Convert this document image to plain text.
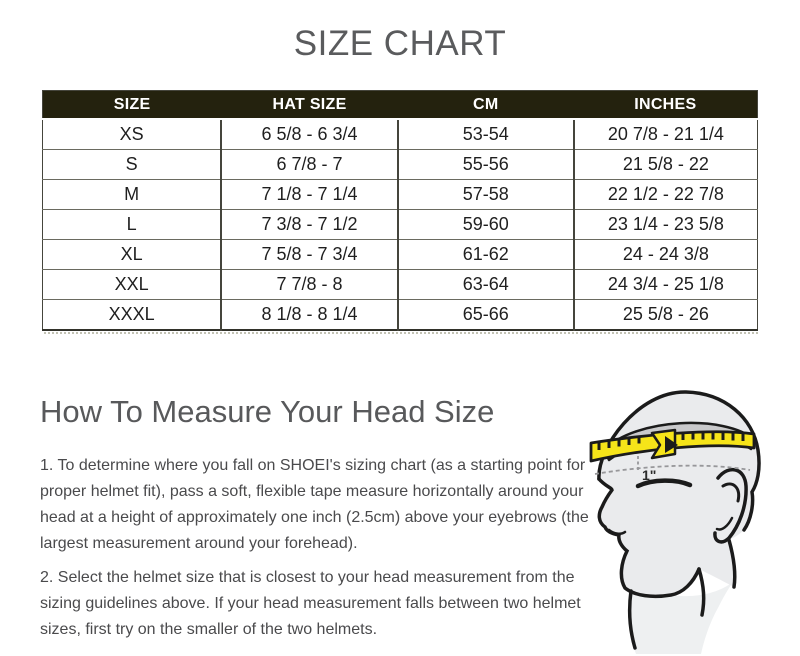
SIZE CHART
SIZE	HAT SIZE	CM	INCHES
XS	6 5/8 - 6 3/4	53-54	20 7/8 - 21 1/4
S	6 7/8 - 7	55-56	21 5/8 - 22
M	7 1/8 - 7 1/4	57-58	22 1/2 - 22 7/8
L	7 3/8 - 7 1/2	59-60	23 1/4 - 23 5/8
XL	7 5/8 - 7 3/4	61-62	24 - 24 3/8
XXL	7 7/8 - 8	63-64	24 3/4 - 25 1/8
XXXL	8 1/8 - 8 1/4	65-66	25 5/8 - 26
How To Measure Your Head Size

1. To determine where you fall on SHOEI's sizing chart (as a starting point for proper helmet fit), pass a soft, flexible tape measure horizontally around your head at a height of approximately one inch (2.5cm) above your eyebrows (the largest measurement around your forehead).

2. Select the helmet size that is closest to your head measurement from the sizing guidelines above. If your head measurement falls between two helmet sizes, first try on the smaller of the two helmets.

1"
